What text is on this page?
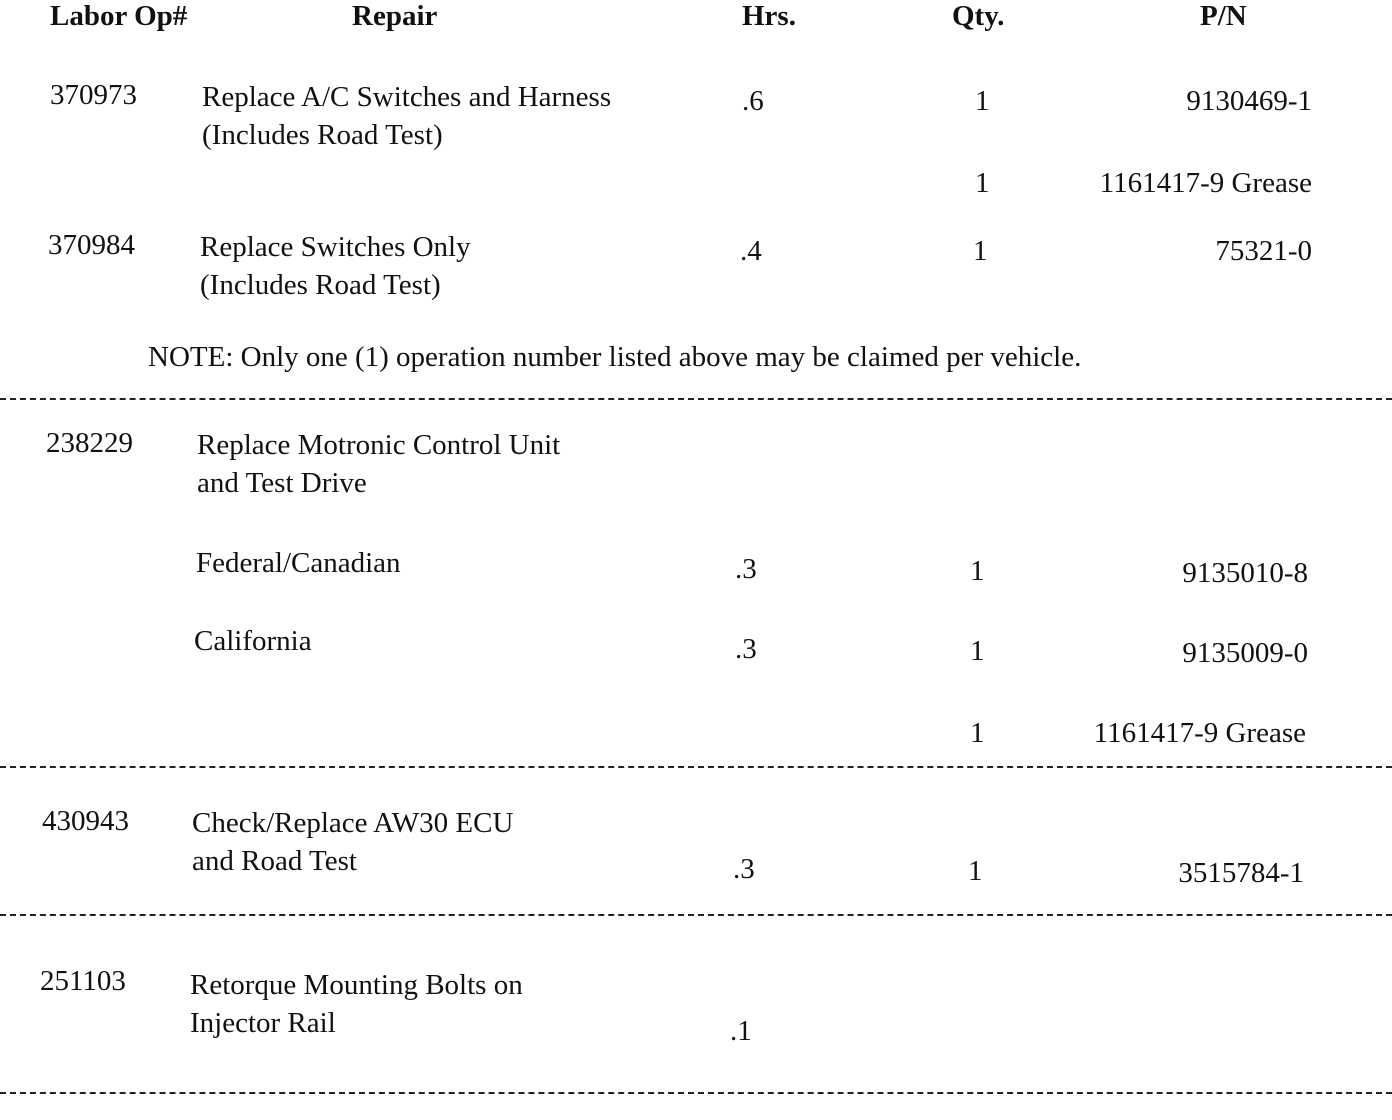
Labor Op#	Repair	Hrs.	Qty.	P/N
370973 Replace A/C Switches and Harness
(Includes Road Test)
.6	1	9130469-1
1	1161417-9 Grease
370984 Replace Switches Only
(Includes Road Test)
.4	1	75321-0
NOTE: Only one (1) operation number listed above may be claimed per vehicle.
238229 Replace Motronic Control Unit
and Test Drive
Federal/Canadian	.3	1	9135010-8
California	.3	1	9135009-0
1	1161417-9 Grease
430943 Check/Replace AW30 ECU
and Road Test	.3	1	3515784-1
251103 Retorque Mounting Bolts on
Injector Rail	.1
